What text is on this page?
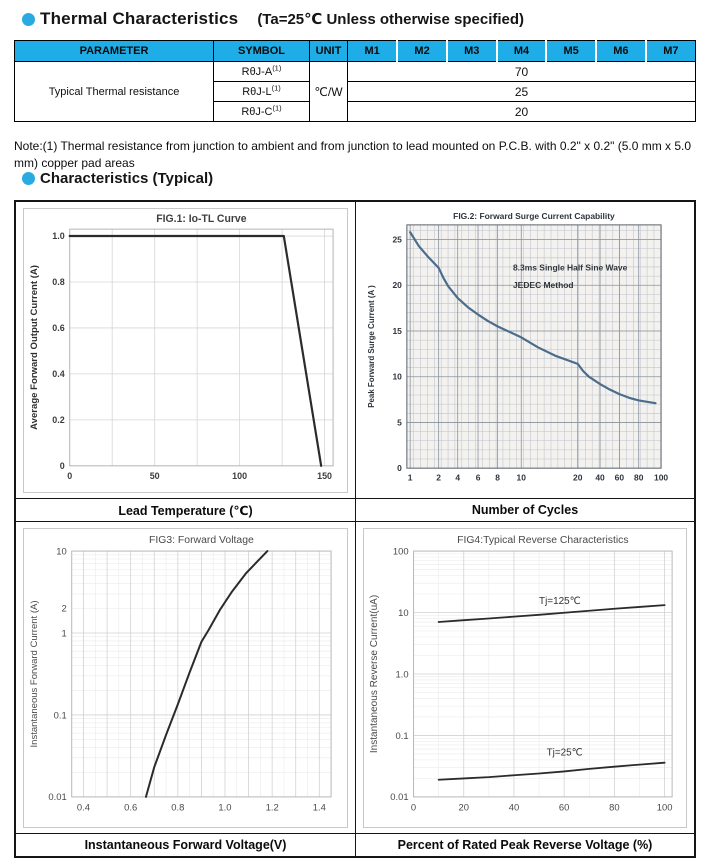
Thermal Characteristics (Ta=25℃ Unless otherwise specified)
PARAMETER	SYMBOL	UNIT	M1	M2	M3	M4	M5	M6	M7
Typical Thermal resistance	RθJ-$A^{(1)}$	℃/W	70						
	RθJ-$L^{(1)}$		25						
	RθJ-$C^{(1)}$		20						

Note:(1) Thermal resistance from junction to ambient and from junction to lead mounted on P.C.B. with 0.2" x 0.2" (5.0 mm x 5.0 mm) copper pad areas

Characteristics (Typical)
0	50	100	150
0
0.2
0.4
0.6
0.8
1.0
FIG.1: Io-TL Curve
Average Forward Output Current (A)
1	2 4 6 8 10	20 40 60 80 100
0
5
10
15
20
25
FIG.2: Forward Surge Current Capability
Peak Forward Surge Current (A )
8.3ms Single Half Sine Wave
JEDEC Method
Lead Temperature (℃)	Number of Cycles
0.4	0.6	0.8	1.0	1.2	1.4
10
2
1
0.1
0.01
FIG3: Forward Voltage
Instantaneous Forward Current (A)
0	20	40	60	80	100
100
10
1.0
0.1
0.01
FIG4:Typical Reverse Characteristics
Instantaneous Reverse Current(uA)	Tj=125℃
Tj=25℃
Instantaneous Forward Voltage(V)	Percent of Rated Peak Reverse Voltage (%)
